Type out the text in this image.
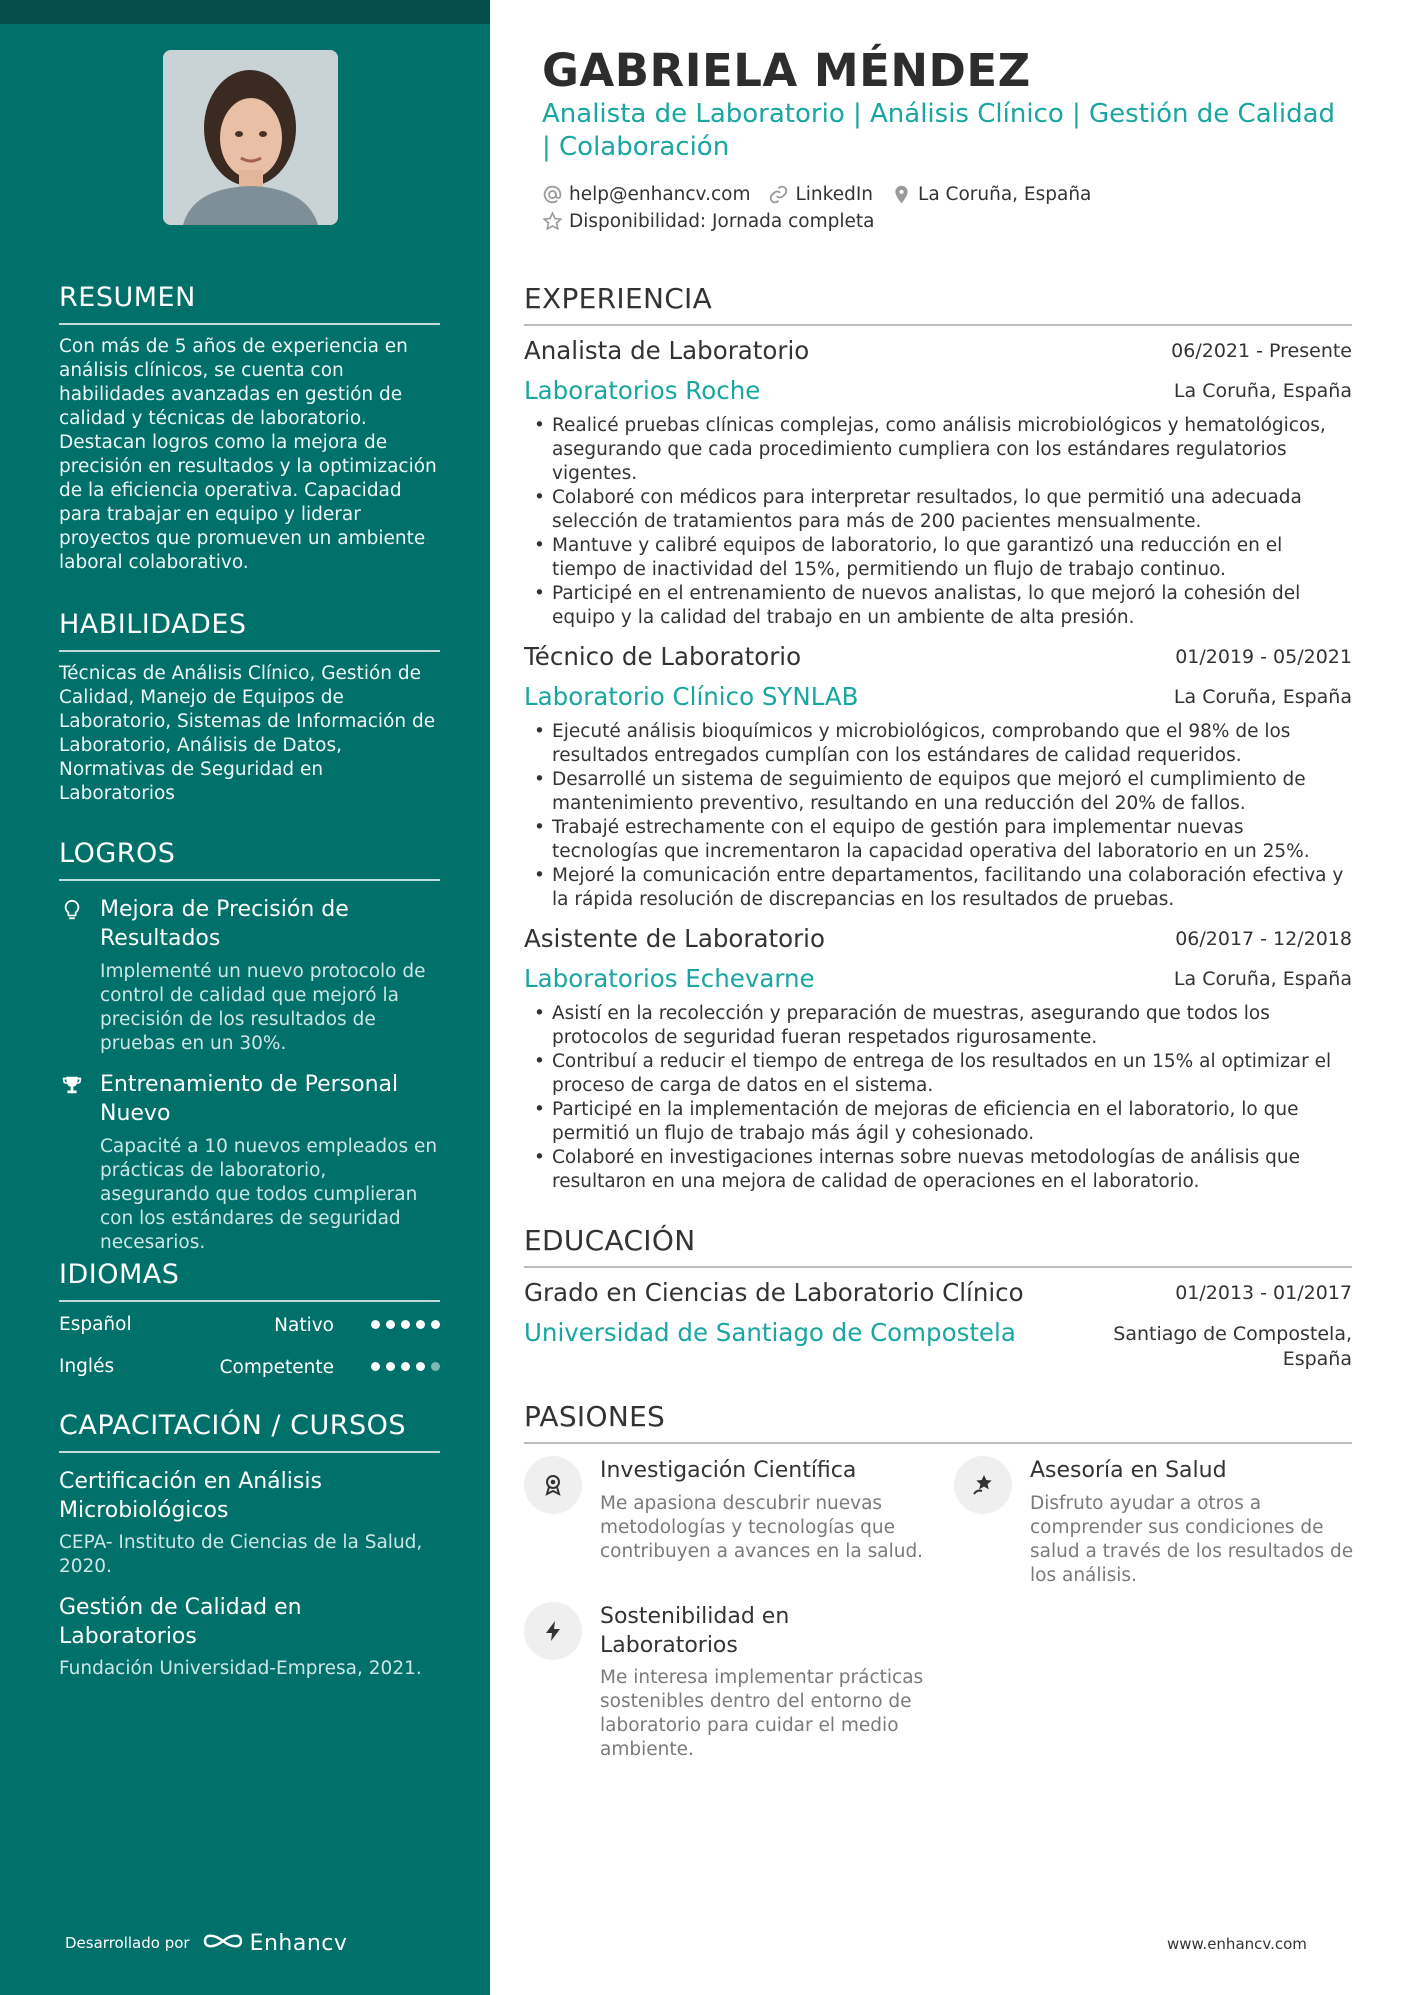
RESUMEN
Con más de 5 años de experiencia en análisis clínicos, se cuenta con habilidades avanzadas en gestión de calidad y técnicas de laboratorio. Destacan logros como la mejora de precisión en resultados y la optimización de la eficiencia operativa. Capacidad para trabajar en equipo y liderar proyectos que promueven un ambiente laboral colaborativo.
HABILIDADES
Técnicas de Análisis Clínico, Gestión de Calidad, Manejo de Equipos de Laboratorio, Sistemas de Información de Laboratorio, Análisis de Datos, Normativas de Seguridad en Laboratorios
LOGROS
Mejora de Precisión de Resultados
Implementé un nuevo protocolo de control de calidad que mejoró la precisión de los resultados de pruebas en un 30%.
Entrenamiento de Personal Nuevo
Capacité a 10 nuevos empleados en prácticas de laboratorio, asegurando que todos cumplieran con los estándares de seguridad necesarios.
IDIOMAS
Español	Nativo
Inglés	Competente
CAPACITACIÓN / CURSOS
Certificación en Análisis Microbiológicos
CEPA- Instituto de Ciencias de la Salud, 2020.
Gestión de Calidad en Laboratorios
Fundación Universidad-Empresa, 2021.
Desarrollado por	Enhancv
GABRIELA MÉNDEZ
Analista de Laboratorio | Análisis Clínico | Gestión de Calidad
| Colaboración
help@enhancv.com LinkedIn La Coruña, España
Disponibilidad: Jornada completa
EXPERIENCIA
Analista de Laboratorio	06/2021 - Presente
Laboratorios Roche	La Coruña, España
• Realicé pruebas clínicas complejas, como análisis microbiológicos y hematológicos, asegurando que cada procedimiento cumpliera con los estándares regulatorios vigentes.
• Colaboré con médicos para interpretar resultados, lo que permitió una adecuada selección de tratamientos para más de 200 pacientes mensualmente.
• Mantuve y calibré equipos de laboratorio, lo que garantizó una reducción en el tiempo de inactividad del 15%, permitiendo un flujo de trabajo continuo.
• Participé en el entrenamiento de nuevos analistas, lo que mejoró la cohesión del equipo y la calidad del trabajo en un ambiente de alta presión.
Técnico de Laboratorio	01/2019 - 05/2021
Laboratorio Clínico SYNLAB	La Coruña, España
• Ejecuté análisis bioquímicos y microbiológicos, comprobando que el 98% de los resultados entregados cumplían con los estándares de calidad requeridos.
• Desarrollé un sistema de seguimiento de equipos que mejoró el cumplimiento de mantenimiento preventivo, resultando en una reducción del 20% de fallos.
• Trabajé estrechamente con el equipo de gestión para implementar nuevas tecnologías que incrementaron la capacidad operativa del laboratorio en un 25%.
• Mejoré la comunicación entre departamentos, facilitando una colaboración efectiva y la rápida resolución de discrepancias en los resultados de pruebas.
Asistente de Laboratorio	06/2017 - 12/2018
Laboratorios Echevarne	La Coruña, España
• Asistí en la recolección y preparación de muestras, asegurando que todos los protocolos de seguridad fueran respetados rigurosamente.
• Contribuí a reducir el tiempo de entrega de los resultados en un 15% al optimizar el proceso de carga de datos en el sistema.
• Participé en la implementación de mejoras de eficiencia en el laboratorio, lo que permitió un flujo de trabajo más ágil y cohesionado.
• Colaboré en investigaciones internas sobre nuevas metodologías de análisis que resultaron en una mejora de calidad de operaciones en el laboratorio.
EDUCACIÓN
Grado en Ciencias de Laboratorio Clínico	01/2013 - 01/2017
Universidad de Santiago de Compostela	Santiago de Compostela, España
PASIONES
Investigación Científica
Me apasiona descubrir nuevas metodologías y tecnologías que contribuyen a avances en la salud.
Asesoría en Salud
Disfruto ayudar a otros a comprender sus condiciones de salud a través de los resultados de los análisis.
Sostenibilidad en Laboratorios
Me interesa implementar prácticas sostenibles dentro del entorno de laboratorio para cuidar el medio ambiente.
www.enhancv.com
